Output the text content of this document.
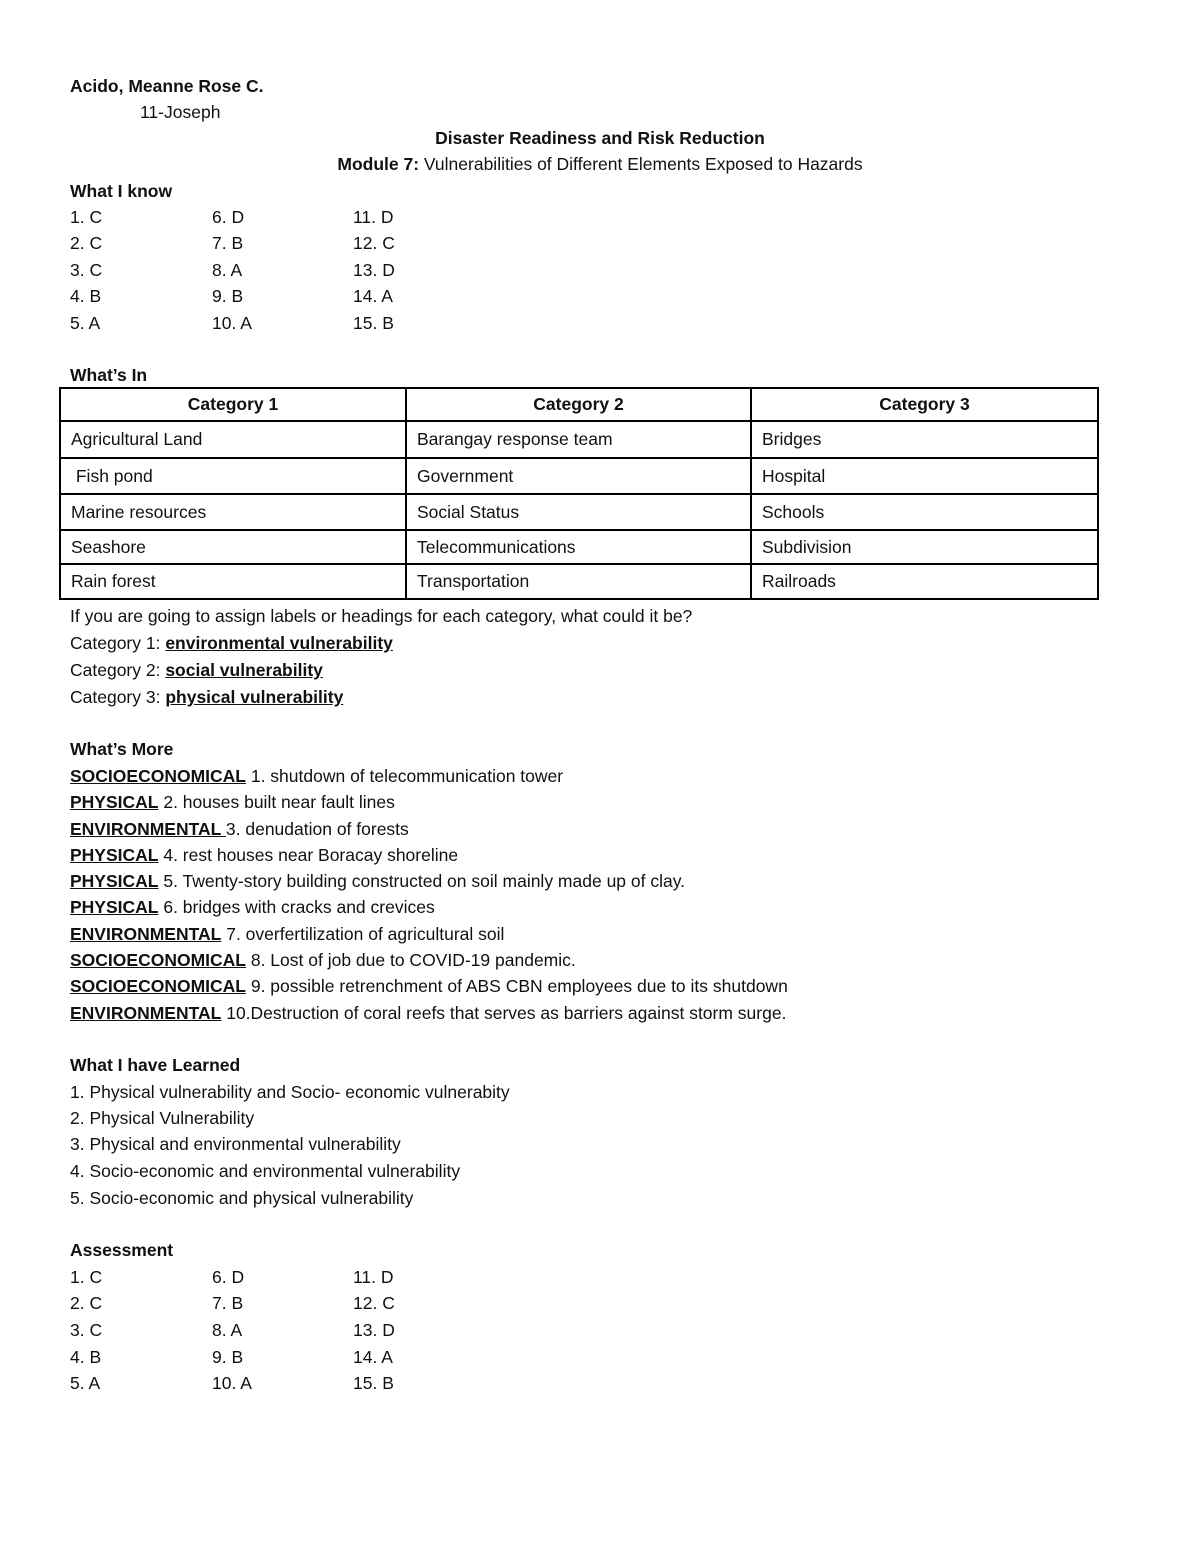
Acido, Meanne Rose C.
11-Joseph
Disaster Readiness and Risk Reduction
Module 7: Vulnerabilities of Different Elements Exposed to Hazards
What I know
1. C	6. D	11. D
2. C	7. B	12. C
3. C	8. A	13. D
4. B	9. B	14. A
5. A	10. A	15. B
What’s In
Category 1	Category 2	Category 3
Agricultural Land	Barangay response team	Bridges
Fish pond	Government	Hospital
Marine resources	Social Status	Schools
Seashore	Telecommunications	Subdivision
Rain forest	Transportation	Railroads
If you are going to assign labels or headings for each category, what could it be?
Category 1: environmental vulnerability
Category 2: social vulnerability
Category 3: physical vulnerability
What’s More
SOCIOECONOMICAL 1. shutdown of telecommunication tower
PHYSICAL 2. houses built near fault lines
ENVIRONMENTAL 3. denudation of forests
PHYSICAL 4. rest houses near Boracay shoreline
PHYSICAL 5. Twenty-story building constructed on soil mainly made up of clay.
PHYSICAL 6. bridges with cracks and crevices
ENVIRONMENTAL 7. overfertilization of agricultural soil
SOCIOECONOMICAL 8. Lost of job due to COVID-19 pandemic.
SOCIOECONOMICAL 9. possible retrenchment of ABS CBN employees due to its shutdown
ENVIRONMENTAL 10.Destruction of coral reefs that serves as barriers against storm surge.
What I have Learned
1. Physical vulnerability and Socio- economic vulnerabity
2. Physical Vulnerability
3. Physical and environmental vulnerability
4. Socio-economic and environmental vulnerability
5. Socio-economic and physical vulnerability
Assessment
1. C	6. D	11. D
2. C	7. B	12. C
3. C	8. A	13. D
4. B	9. B	14. A
5. A	10. A	15. B
